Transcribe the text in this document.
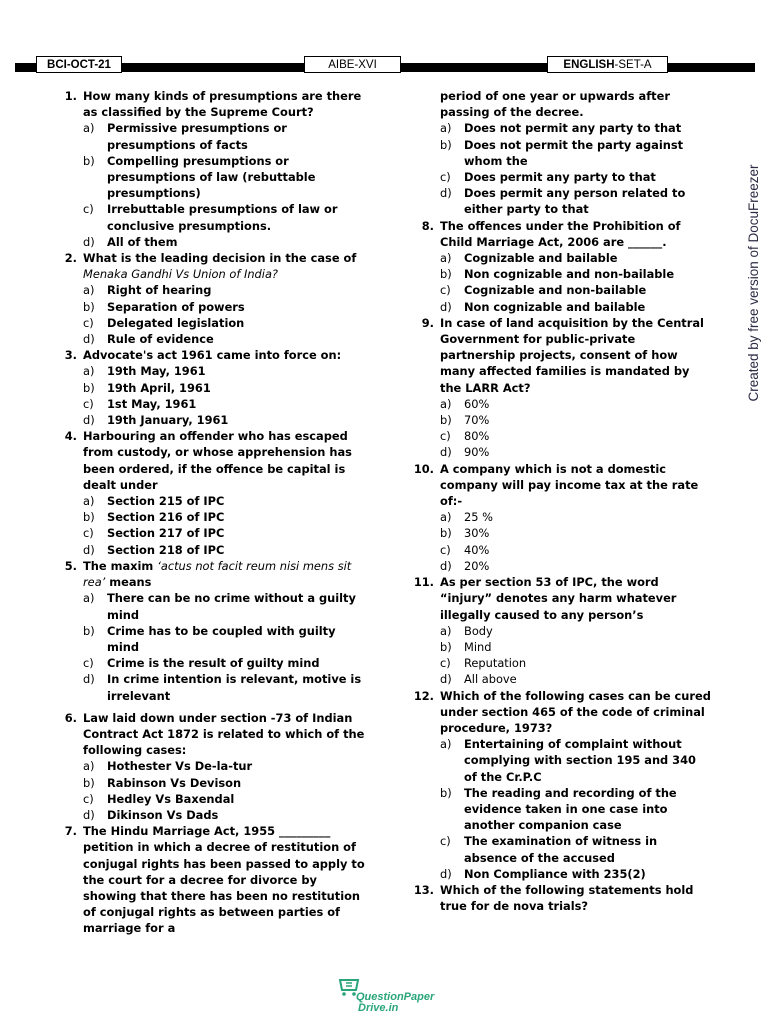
BCI-OCT-21	AIBE-XVI	ENGLISH-SET-A
1. How many kinds of presumptions are there as classified by the Supreme Court?
a)	Permissive presumptions or presumptions of facts
b)	Compelling presumptions or presumptions of law (rebuttable presumptions)
c)	Irrebuttable presumptions of law or conclusive presumptions.
d)	All of them
2. What is the leading decision in the case of Menaka Gandhi Vs Union of India?
a)	Right of hearing
b)	Separation of powers
c)	Delegated legislation
d)	Rule of evidence
3. Advocate's act 1961 came into force on:
a)	19th May, 1961
b)	19th April, 1961
c)	1st May, 1961
d)	19th January, 1961
4. Harbouring an offender who has escaped from custody, or whose apprehension has been ordered, if the offence be capital is dealt under
a)	Section 215 of IPC
b)	Section 216 of IPC
c)	Section 217 of IPC
d)	Section 218 of IPC
5. The maxim ‘actus not facit reum nisi mens sit rea’ means
a)	There can be no crime without a guilty mind
b)	Crime has to be coupled with guilty mind
c)	Crime is the result of guilty mind
d)	In crime intention is relevant, motive is irrelevant
6. Law laid down under section -73 of Indian Contract Act 1872 is related to which of the following cases:
a)	Hothester Vs De-la-tur
b)	Rabinson Vs Devison
c)	Hedley Vs Baxendal
d)	Dikinson Vs Dads
7. The Hindu Marriage Act, 1955 _________ petition in which a decree of restitution of conjugal rights has been passed to apply to the court for a decree for divorce by showing that there has been no restitution of conjugal rights as between parties of marriage for a
period of one year or upwards after passing of the decree.
a)	Does not permit any party to that
b)	Does not permit the party against whom the
c)	Does permit any party to that
d)	Does permit any person related to either party to that
8. The offences under the Prohibition of Child Marriage Act, 2006 are ______.
a)	Cognizable and bailable
b)	Non cognizable and non-bailable
c)	Cognizable and non-bailable
d)	Non cognizable and bailable
9. In case of land acquisition by the Central Government for public-private partnership projects, consent of how many affected families is mandated by the LARR Act?
a)	60%
b)	70%
c)	80%
d)	90%
10. A company which is not a domestic company will pay income tax at the rate of:-
a)	25 %
b)	30%
c)	40%
d)	20%
11. As per section 53 of IPC, the word “injury” denotes any harm whatever illegally caused to any person’s
a)	Body
b)	Mind
c)	Reputation
d)	All above
12. Which of the following cases can be cured under section 465 of the code of criminal procedure, 1973?
a)	Entertaining of complaint without complying with section 195 and 340 of the Cr.P.C
b)	The reading and recording of the evidence taken in one case into another companion case
c)	The examination of witness in absence of the accused
d)	Non Compliance with 235(2)
13. Which of the following statements hold true for de nova trials?
Created by free version of DocuFreezer
QuestionPaper
Drive.in
